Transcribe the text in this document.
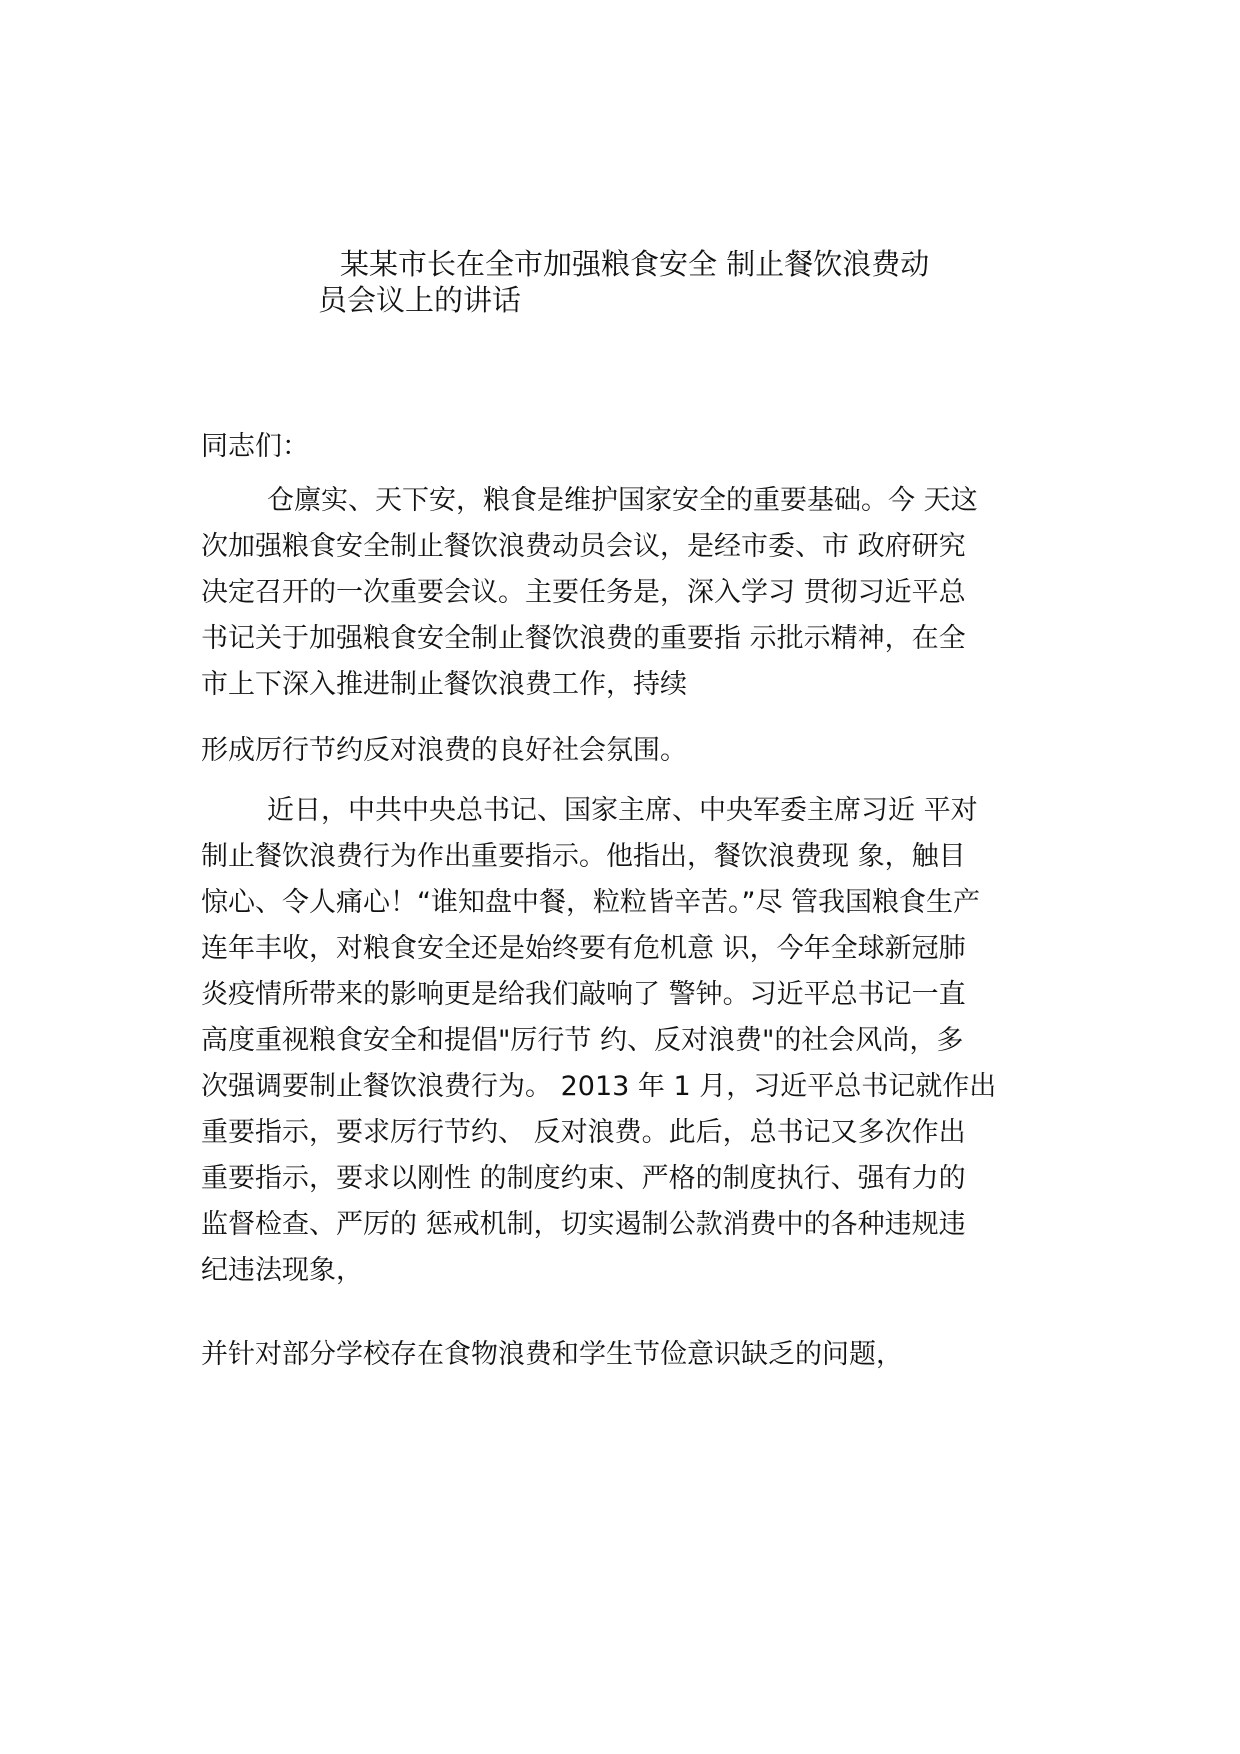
某某市长在全市加强粮食安全 制止餐饮浪费动
员会议上的讲话
同志们：
仓廪实、天下安，粮食是维护国家安全的重要基础。今 天这
次加强粮食安全制止餐饮浪费动员会议，是经市委、市 政府研究
决定召开的一次重要会议。主要任务是，深入学习 贯彻习近平总
书记关于加强粮食安全制止餐饮浪费的重要指 示批示精神，在全
市上下深入推进制止餐饮浪费工作，持续
形成厉行节约反对浪费的良好社会氛围。
近日，中共中央总书记、国家主席、中央军委主席习近 平对
制止餐饮浪费行为作出重要指示。他指出，餐饮浪费现 象，触目
惊心、令人痛心！“谁知盘中餐，粒粒皆辛苦。”尽 管我国粮食生产
连年丰收，对粮食安全还是始终要有危机意 识，今年全球新冠肺
炎疫情所带来的影响更是给我们敲响了 警钟。习近平总书记一直
高度重视粮食安全和提倡"厉行节 约、反对浪费"的社会风尚，多
次强调要制止餐饮浪费行为。 2013 年 1 月，习近平总书记就作出
重要指示，要求厉行节约、 反对浪费。此后，总书记又多次作出
重要指示，要求以刚性 的制度约束、严格的制度执行、强有力的
监督检查、严厉的 惩戒机制，切实遏制公款消费中的各种违规违
纪违法现象，
并针对部分学校存在食物浪费和学生节俭意识缺乏的问题，
